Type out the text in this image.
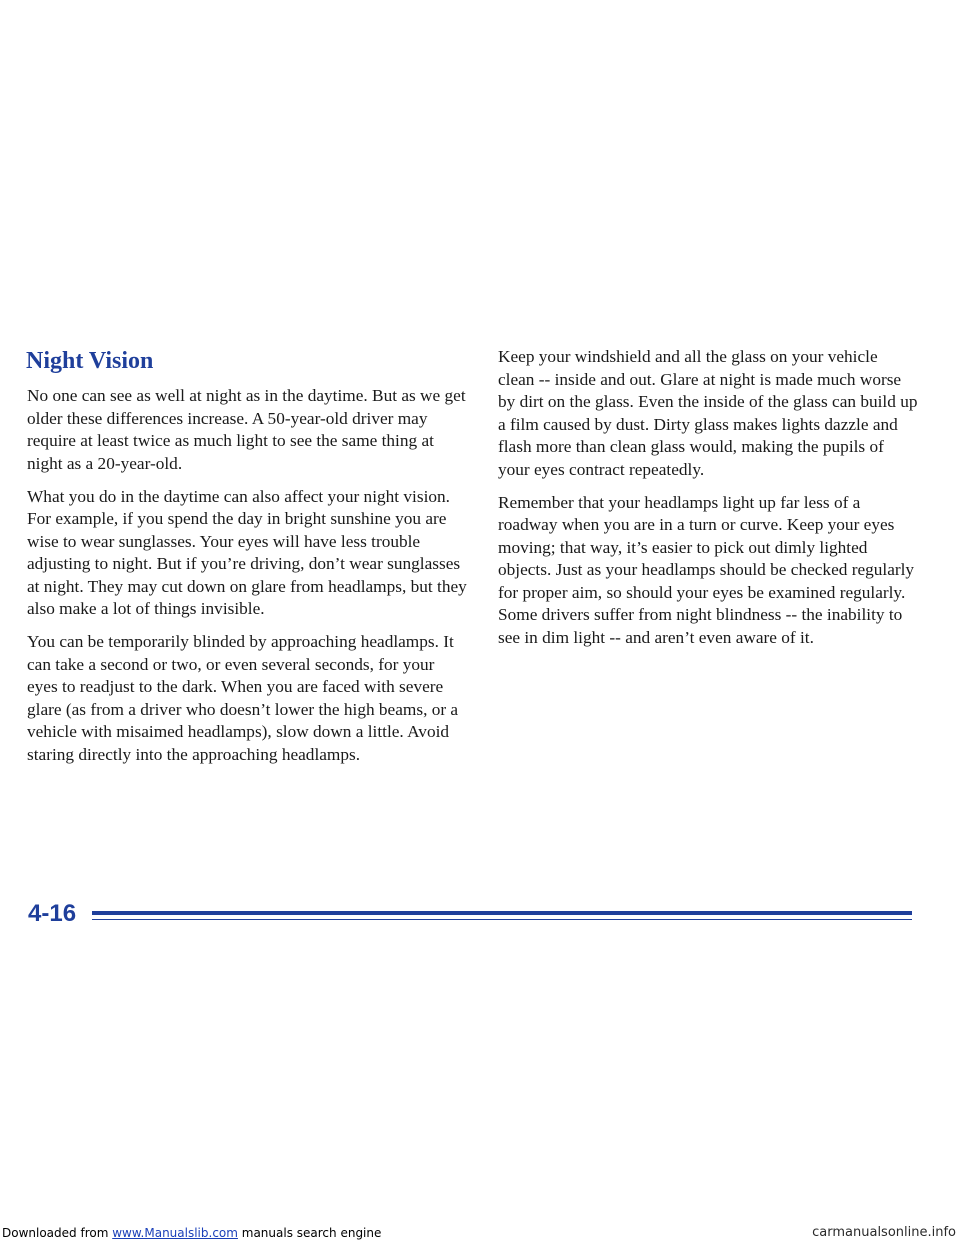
Night Vision

No one can see as well at night as in the daytime. But as we get older these differences increase. A 50-year-old driver may require at least twice as much light to see the same thing at night as a 20-year-old.

What you do in the daytime can also affect your night vision. For example, if you spend the day in bright sunshine you are wise to wear sunglasses. Your eyes will have less trouble adjusting to night. But if you’re driving, don’t wear sunglasses at night. They may cut down on glare from headlamps, but they also make a lot of things invisible.

You can be temporarily blinded by approaching headlamps. It can take a second or two, or even several seconds, for your eyes to readjust to the dark. When you are faced with severe glare (as from a driver who doesn’t lower the high beams, or a vehicle with misaimed headlamps), slow down a little. Avoid staring directly into the approaching headlamps.

Keep your windshield and all the glass on your vehicle clean -- inside and out. Glare at night is made much worse by dirt on the glass. Even the inside of the glass can build up a film caused by dust. Dirty glass makes lights dazzle and flash more than clean glass would, making the pupils of your eyes contract repeatedly.

Remember that your headlamps light up far less of a roadway when you are in a turn or curve. Keep your eyes moving; that way, it’s easier to pick out dimly lighted objects. Just as your headlamps should be checked regularly for proper aim, so should your eyes be examined regularly. Some drivers suffer from night blindness -- the inability to see in dim light -- and aren’t even aware of it.

4-16
Downloaded from www.Manualslib.com manuals search engine	carmanualsonline.info
